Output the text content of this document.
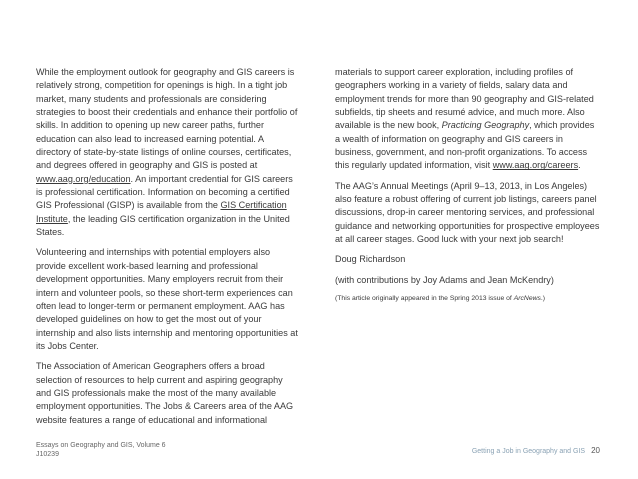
While the employment outlook for geography and GIS careers is relatively strong, competition for openings is high. In a tight job market, many students and professionals are considering strategies to boost their credentials and enhance their portfolio of skills. In addition to opening up new career paths, further education can also lead to increased earning potential. A directory of state-by-state listings of online courses, certificates, and degrees offered in geography and GIS is posted at www.aag.org/education. An important credential for GIS careers is professional certification. Information on becoming a certified GIS Professional (GISP) is available from the GIS Certification Institute, the leading GIS certification organization in the United States.

Volunteering and internships with potential employers also provide excellent work-based learning and professional development opportunities. Many employers recruit from their intern and volunteer pools, so these short-term experiences can often lead to longer-term or permanent employment. AAG has developed guidelines on how to get the most out of your internship and also lists internship and mentoring opportunities at its Jobs Center.

The Association of American Geographers offers a broad selection of resources to help current and aspiring geography and GIS professionals make the most of the many available employment opportunities. The Jobs & Careers area of the AAG website features a range of educational and informational

materials to support career exploration, including profiles of geographers working in a variety of fields, salary data and employment trends for more than 90 geography and GIS-related subfields, tip sheets and resumé advice, and much more. Also available is the new book, Practicing Geography, which provides a wealth of information on geography and GIS careers in business, government, and non-profit organizations. To access this regularly updated information, visit www.aag.org/careers.

The AAG’s Annual Meetings (April 9–13, 2013, in Los Angeles) also feature a robust offering of current job listings, careers panel discussions, drop-in career mentoring services, and professional guidance and networking opportunities for prospective employees at all career stages. Good luck with your next job search!

Doug Richardson

(with contributions by Joy Adams and Jean McKendry)

(This article originally appeared in the Spring 2013 issue of ArcNews.)

Essays on Geography and GIS, Volume 6
J10239	Getting a Job in Geography and GIS 20
